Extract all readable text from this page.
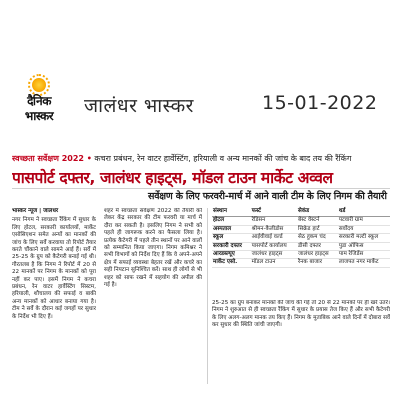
दैनिक
भास्कर	जालंधर भास्कर	15-01-2022
स्वच्छता सर्वेक्षण 2022 • कचरा प्रबंधन, रेन वाटर हार्वेस्टिंग, हरियाली व अन्य मानकों की जांच के बाद तय की रैंकिंग
पासपोर्ट दफ्तर, जालंधर हाइट्स, मॉडल टाउन मार्केट अव्वल
सर्वेक्षण के लिए फरवरी-मार्च में आने वाली टीम के लिए निगम की तैयारी
भास्कर न्यूज | जालंधर
नगर निगम ने स्वच्छता रैंकिंग में सुधार के लिए होटल, सरकारी कार्यालयों, मार्केट एसोसिएशन समेत अन्यों का मानकों की जांच के लिए सर्वे करवाया तो रिपोर्ट तैयार करते चौंकाने वाले सामने आई हैं। सर्वे में 25-25 के ग्रुप को कैटेगरी बनाई गई थी। गौरतलब है कि निगम ने रिपोर्ट में 20 से 22 मानकों पर निगम के मानकों को पूरा नहीं कर पाए। इसमें निगम ने कचरा प्रबंधन, रेन वाटर हार्वेस्टिंग सिस्टम, हरियाली, शौचालय की सफाई व बाकी अन्य मानकों को आधार बनाया गया है। टीम ने सर्वे के दौरान कई जगहों पर सुधार के निर्देश भी दिए हैं।
शहर में स्वच्छता सर्वेक्षण 2022 की तैयारी को लेकर केंद्र सरकार की टीम फरवरी या मार्च में दौरा कर सकती है। इसलिए निगम ने सभी को पहले ही जागरूक करने का फैसला लिया है। प्रत्येक कैटेगरी में पहले तीन स्थानों पर आने वालों को सम्मानित किया जाएगा। निगम कमिश्नर ने सभी विभागों को निर्देश दिए हैं कि वे अपने-अपने क्षेत्र में सफाई व्यवस्था बेहतर रखें और कचरे का सही निपटान सुनिश्चित करें। साथ ही लोगों से भी शहर को साफ रखने में सहयोग की अपील की गई है।
संस्थान	फर्स्ट	सेकंड	थर्ड
होटल	रेडिसन	बेस्ट वेस्टर्न	पटवारी ग्राम
अस्पताल	श्रीमन-कैलीडोस	सिक्रेड हार्ट	सर्वोदय
स्कूल	आईवीवाई वर्ल्ड	सेठ हुकम चंद	सरकारी मल्टी स्कूल
सरकारी दफ्तर	पासपोर्ट कार्यालय	डीसी दफ्तर	पुडा ऑफिस
आरडब्ल्यूए	जालंधर हाइट्स	जालंधर हाइट्स	पाम रेजिडेंस
मार्केट एसो.	मॉडल टाउन	रैनक बाजार	लाजपत नगर मार्केट
25-25 का ग्रुप बनाकर मानकों की जांच की गई तो 20 से 22 मानकों पर ही खरे उतरे। निगम ने शुरुआत से ही स्वच्छता रैंकिंग में सुधार के प्रयास तेज किए हैं और सभी कैटेगरी के लिए अलग-अलग मानक तय किए हैं। निगम के मुताबिक आने वाले दिनों में दोबारा सर्वे कर सुधार की स्थिति जांची जाएगी।
